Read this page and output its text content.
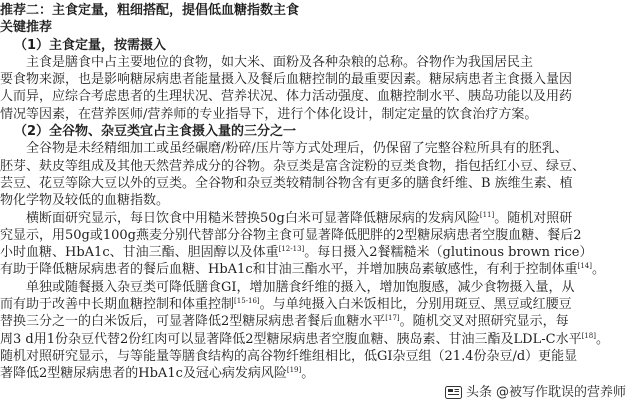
推荐二：主食定量，粗细搭配，提倡低血糖指数主食
关键推荐
（1）主食定量，按需摄入
主食是膳食中占主要地位的食物，如大米、面粉及各种杂粮的总称。谷物作为我国居民主
要食物来源，也是影响糖尿病患者能量摄入及餐后血糖控制的最重要因素。糖尿病患者主食摄入量因
人而异，应综合考虑患者的生理状况、营养状况、体力活动强度、血糖控制水平、胰岛功能以及用药
情况等因素，在营养医师/营养师的专业指导下，进行个体化设计，制定定量的饮食治疗方案。
（2）全谷物、杂豆类宜占主食摄入量的三分之一
全谷物是未经精细加工或虽经碾磨/粉碎/压片等方式处理后，仍保留了完整谷粒所具有的胚乳、
胚芽、麸皮等组成及其他天然营养成分的谷物。杂豆类是富含淀粉的豆类食物，指包括红小豆、绿豆、
芸豆、花豆等除大豆以外的豆类。全谷物和杂豆类较精制谷物含有更多的膳食纤维、B 族维生素、植
物化学物及较低的血糖指数。
横断面研究显示，每日饮食中用糙米替换50g白米可显著降低糖尿病的发病风险[11]。随机对照研
究显示，用50g或100g燕麦分别代替部分谷物主食可显著降低肥胖的2型糖尿病患者空腹血糖、餐后2
小时血糖、HbA1c、甘油三酯、胆固醇以及体重[12-13]。每日摄入2餐糯糙米（glutinous brown rice）
有助于降低糖尿病患者的餐后血糖、HbA1c和甘油三酯水平，并增加胰岛素敏感性，有利于控制体重[14]。
单独或随餐摄入杂豆类可降低膳食GI，增加膳食纤维的摄入，增加饱腹感，减少食物摄入量，从
而有助于改善中长期血糖控制和体重控制[15-16]。与单纯摄入白米饭相比，分别用斑豆、黑豆或红腰豆
替换三分之一的白米饭后，可显著降低2型糖尿病患者餐后血糖水平[17]。随机交叉对照研究显示，每
周3 d用1份杂豆代替2份红肉可以显著降低2型糖尿病患者空腹血糖、胰岛素、甘油三酯及LDL-C水平[18]。
随机对照研究显示，与等能量等膳食结构的高谷物纤维组相比，低GI杂豆组（21.4份杂豆/d）更能显
著降低2型糖尿病患者的HbA1c及冠心病发病风险[19]。
头条 @被写作耽误的营养师
